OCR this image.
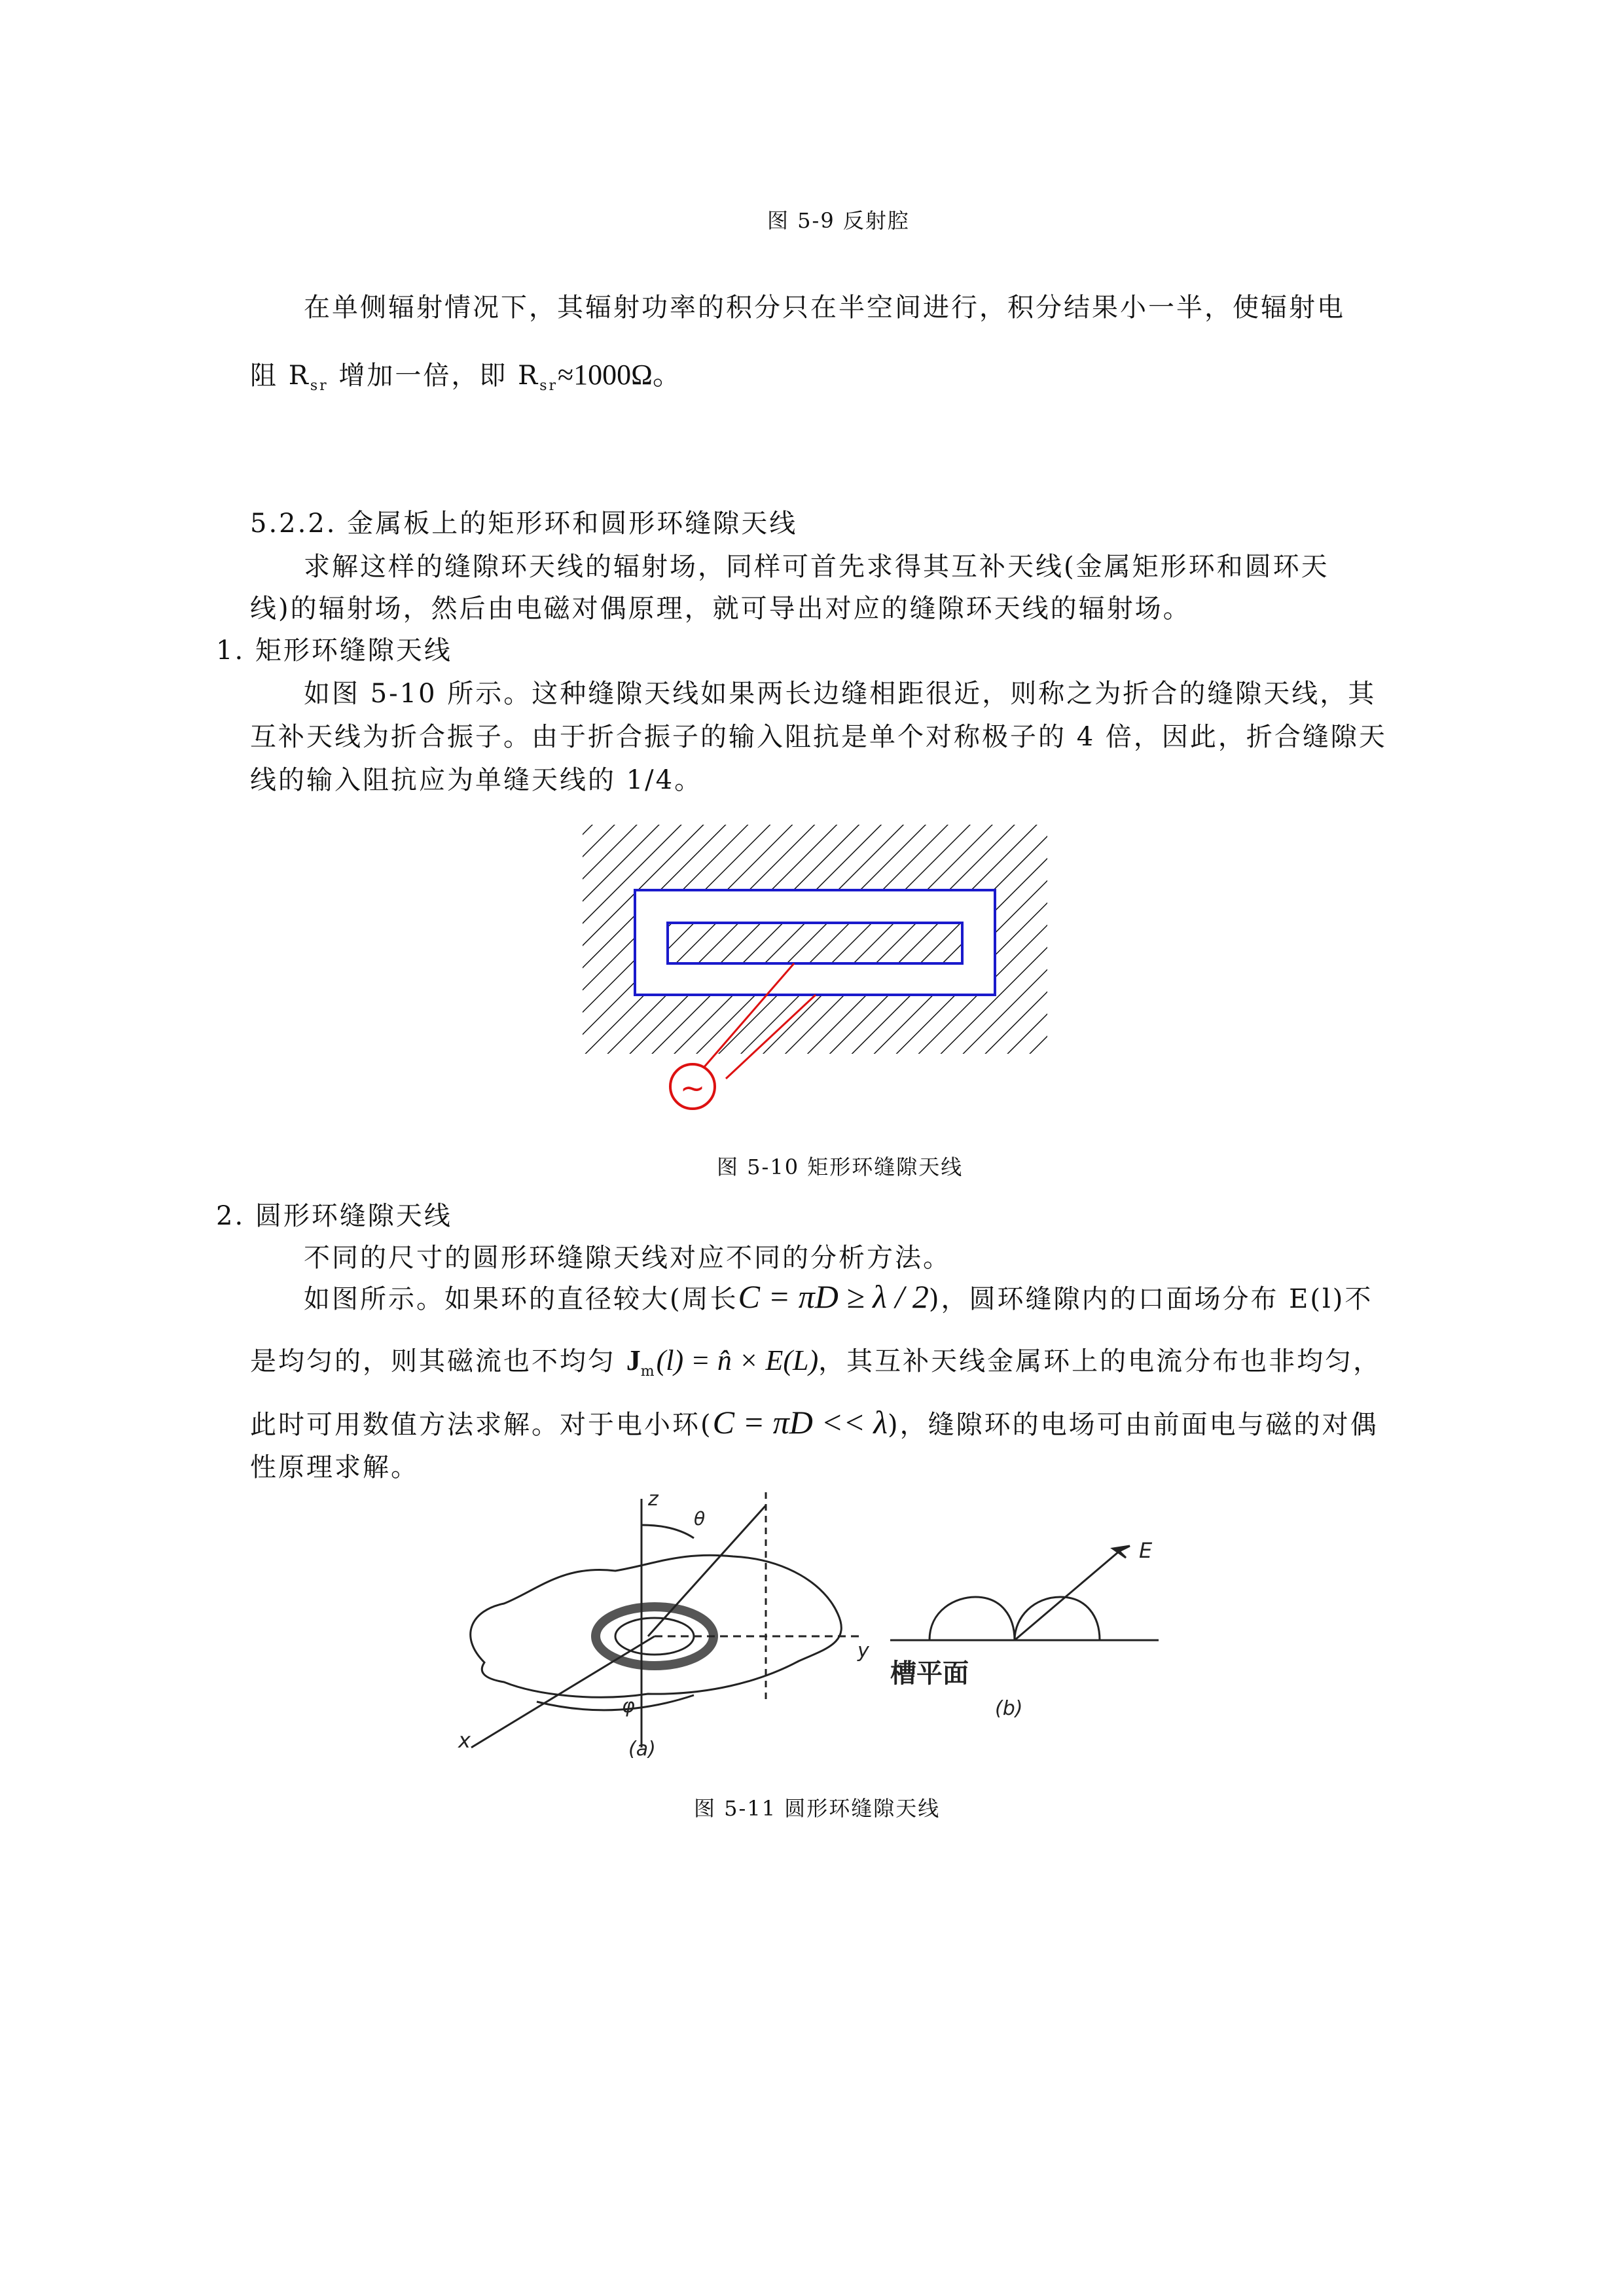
图 5-9 反射腔
在单侧辐射情况下，其辐射功率的积分只在半空间进行，积分结果小一半，使辐射电
阻 $R_{sr}$ 增加一倍，即 $R_{sr}\approx 1000\Omega$。
5.2.2. 金属板上的矩形环和圆形环缝隙天线
求解这样的缝隙环天线的辐射场，同样可首先求得其互补天线(金属矩形环和圆环天
线)的辐射场，然后由电磁对偶原理，就可导出对应的缝隙环天线的辐射场。
1. 矩形环缝隙天线
如图 5-10 所示。这种缝隙天线如果两长边缝相距很近，则称之为折合的缝隙天线，其
互补天线为折合振子。由于折合振子的输入阻抗是单个对称极子的 4 倍，因此，折合缝隙天
线的输入阻抗应为单缝天线的 1/4。
~
图 5-10 矩形环缝隙天线
2. 圆形环缝隙天线
不同的尺寸的圆形环缝隙天线对应不同的分析方法。
如图所示。如果环的直径较大(周长C = πD ≥ λ / 2)，圆环缝隙内的口面场分布 E(l)不
是均匀的，则其磁流也不均匀 $J_m(l)$ = n̂ × E(L)，其互补天线金属环上的电流分布也非均匀，
此时可用数值方法求解。对于电小环(C = πD << λ)，缝隙环的电场可由前面电与磁的对偶
性原理求解。
z
θ
φ
x
y
E
槽平面
(a)
(b)
图 5-11 圆形环缝隙天线
